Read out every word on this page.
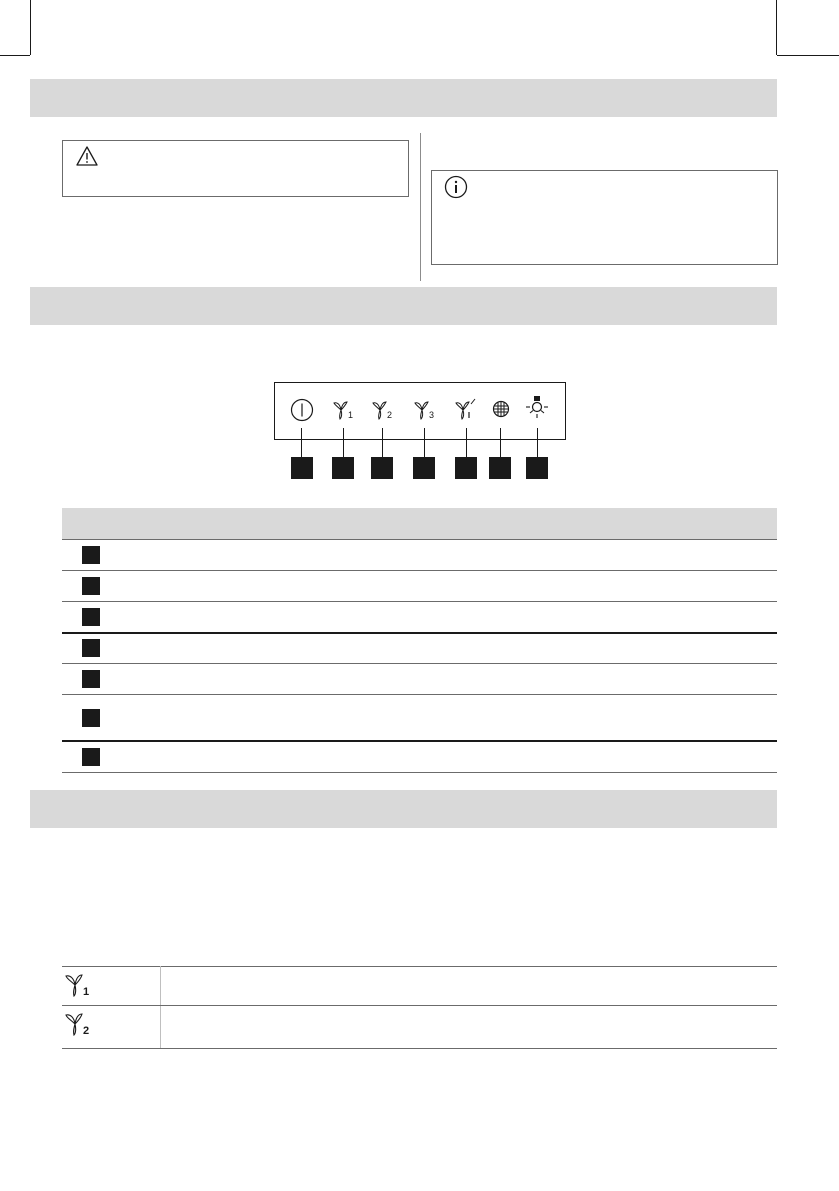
1	2	3
1
2
